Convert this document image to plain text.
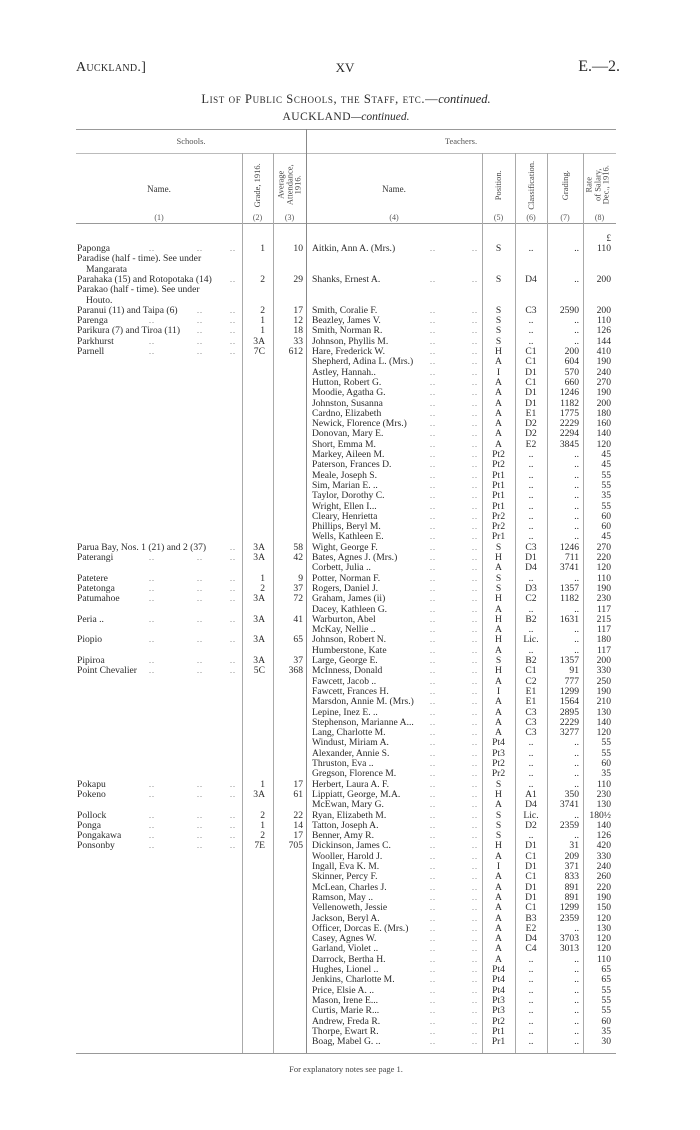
Auckland.]	XV	E.—2.
List of Public Schools, the Staff, etc.—continued.
AUCKLAND—continued.
Schools.	Teachers.
Name.	Name.
Grade, 1916. Average
Attendance,
1916.	Position.	Classification.	Grading. Rate
of Salary,
Dec., 1916.
(1)	(2)	(3)	(4)	(5)	(6)	(7)	(8)
£
Paponga	1	10 Aitkin, Ann A. (Mrs.)	S	..	..	110
..	..	..	..	..
Paradise (half - time). See under
Mangarata
Parahaka (15) and Rotopotaka (14)	2	29 Shanks, Ernest A.	S	D4	..	200
..	..	..
Parakao (half - time). See under
Houto.
Paranui (11) and Taipa (6)	2	17 Smith, Coralie F.	S	C3	2590	200
..	..	..	..
Parenga	1	12 Beazley, James V.	S	..	..	110
..	..	..	..	..
Parikura (7) and Tiroa (11)	1	18 Smith, Norman R.	S	..	..	126
..	..	..	..
Parkhurst	3A	33 Johnson, Phyllis M.	S	..	..	144
..	..	..	..	..
Parnell	7C	612 Hare, Frederick W.	H	C1	200	410
..	..	..	..	..
Shepherd, Adina L. (Mrs.)	A	C1	604	190
..	..
Astley, Hannah..	I	D1	570	240
..	..
Hutton, Robert G.	A	C1	660	270
..	..
Moodie, Agatha G.	A	D1	1246	190
..	..
Johnston, Susanna	A	D1	1182	200
..	..
Cardno, Elizabeth	A	E1	1775	180
..	..
Newick, Florence (Mrs.)	A	D2	2229	160
..	..
Donovan, Mary E.	A	D2	2294	140
..	..
Short, Emma M.	A	E2	3845	120
..	..
Markey, Aileen M.	Pt2	..	..	45
..	..
Paterson, Frances D.	Pt2	..	..	45
..	..
Meale, Joseph S.	Pt1	..	..	55
..	..
Sim, Marian E. ..	Pt1	..	..	55
..	..
Taylor, Dorothy C.	Pt1	..	..	35
..	..
Wright, Ellen I...	Pt1	..	..	55
..	..
Cleary, Henrietta	Pr2	..	..	60
..	..
Phillips, Beryl M.	Pr2	..	..	60
..	..
Wells, Kathleen E.	Pr1	..	..	45
..	..
Parua Bay, Nos. 1 (21) and 2 (37)	3A	58 Wight, George F.	S	C3	1246	270
..	..	..
Paterangi	3A	42 Bates, Agnes J. (Mrs.)	H	D1	711	220
..	..	..	..	..
Corbett, Julia ..	A	D4	3741	120
..	..
Patetere	1	9 Potter, Norman F.	S	..	..	110
..	..	..	..	..
Patetonga	2	37 Rogers, Daniel J.	S	D3	1357	190
..	..	..	..	..
Patumahoe	3A	72 Graham, James (ii)	H	C2	1182	230
..	..	..	..	..
Dacey, Kathleen G.	A	..	..	117
..	..
Peria ..	3A	41 Warburton, Abel	H	B2	1631	215
..	..	..	..	..
McKay, Nellie ..	A	..	..	117
..	..
Piopio	3A	65 Johnson, Robert N.	H	Lic.	..	180
..	..	..	..	..
Humberstone, Kate	A	..	..	117
..	..
Pipiroa	3A	37 Large, George E.	S	B2	1357	200
..	..	..	..	..
Point Chevalier	5C	368 McInness, Donald	H	C1	91	330
..	..	..	..	..
Fawcett, Jacob ..	A	C2	777	250
..	..
Fawcett, Frances H.	I	E1	1299	190
..	..
Marsdon, Annie M. (Mrs.)	A	E1	1564	210
..	..
Lepine, Inez E. ..	A	C3	2895	130
..	..
Stephenson, Marianne A...	A	C3	2229	140
..	..
Lang, Charlotte M.	A	C3	3277	120
..	..
Windust, Miriam A.	Pt4	..	..	55
..	..
Alexander, Annie S.	Pt3	..	..	55
..	..
Thruston, Eva ..	Pt2	..	..	60
..	..
Gregson, Florence M.	Pr2	..	..	35
..	..
Pokapu	1	17 Herbert, Laura A. F.	S	..	..	110
..	..	..	..	..
Pokeno	3A	61 Lippiatt, George, M.A.	H	A1	350	230
..	..	..	..	..
McEwan, Mary G.	A	D4	3741	130
..	..
Pollock	2	22 Ryan, Elizabeth M.	S	Lic.	..	180½
..	..	..	..	..
Ponga	1	14 Tatton, Joseph A.	S	D2	2359	140
..	..	..	..	..
Pongakawa	2	17 Benner, Amy R.	S	..	..	126
..	..	..	..	..
Ponsonby	7E	705 Dickinson, James C.	H	D1	31	420
..	..	..	..	..
Wooller, Harold J.	A	C1	209	330
..	..
Ingall, Eva K. M.	I	D1	371	240
..	..
Skinner, Percy F.	A	C1	833	260
..	..
McLean, Charles J.	A	D1	891	220
..	..
Ramson, May ..	A	D1	891	190
..	..
Vellenoweth, Jessie	A	C1	1299	150
..	..
Jackson, Beryl A.	A	B3	2359	120
..	..
Officer, Dorcas E. (Mrs.)	A	E2	..	130
..	..
Casey, Agnes W.	A	D4	3703	120
..	..
Garland, Violet ..	A	C4	3013	120
..	..
Darrock, Bertha H.	A	..	..	110
..	..
Hughes, Lionel ..	Pt4	..	..	65
..	..
Jenkins, Charlotte M.	Pt4	..	..	65
..	..
Price, Elsie A. ..	Pt4	..	..	55
..	..
Mason, Irene E...	Pt3	..	..	55
..	..
Curtis, Marie R...	Pt3	..	..	55
..	..
Andrew, Freda R.	Pt2	..	..	60
..	..
Thorpe, Ewart R.	Pt1	..	..	35
..	..
Boag, Mabel G. ..	Pr1	..	..	30
..	..
For explanatory notes see page 1.
